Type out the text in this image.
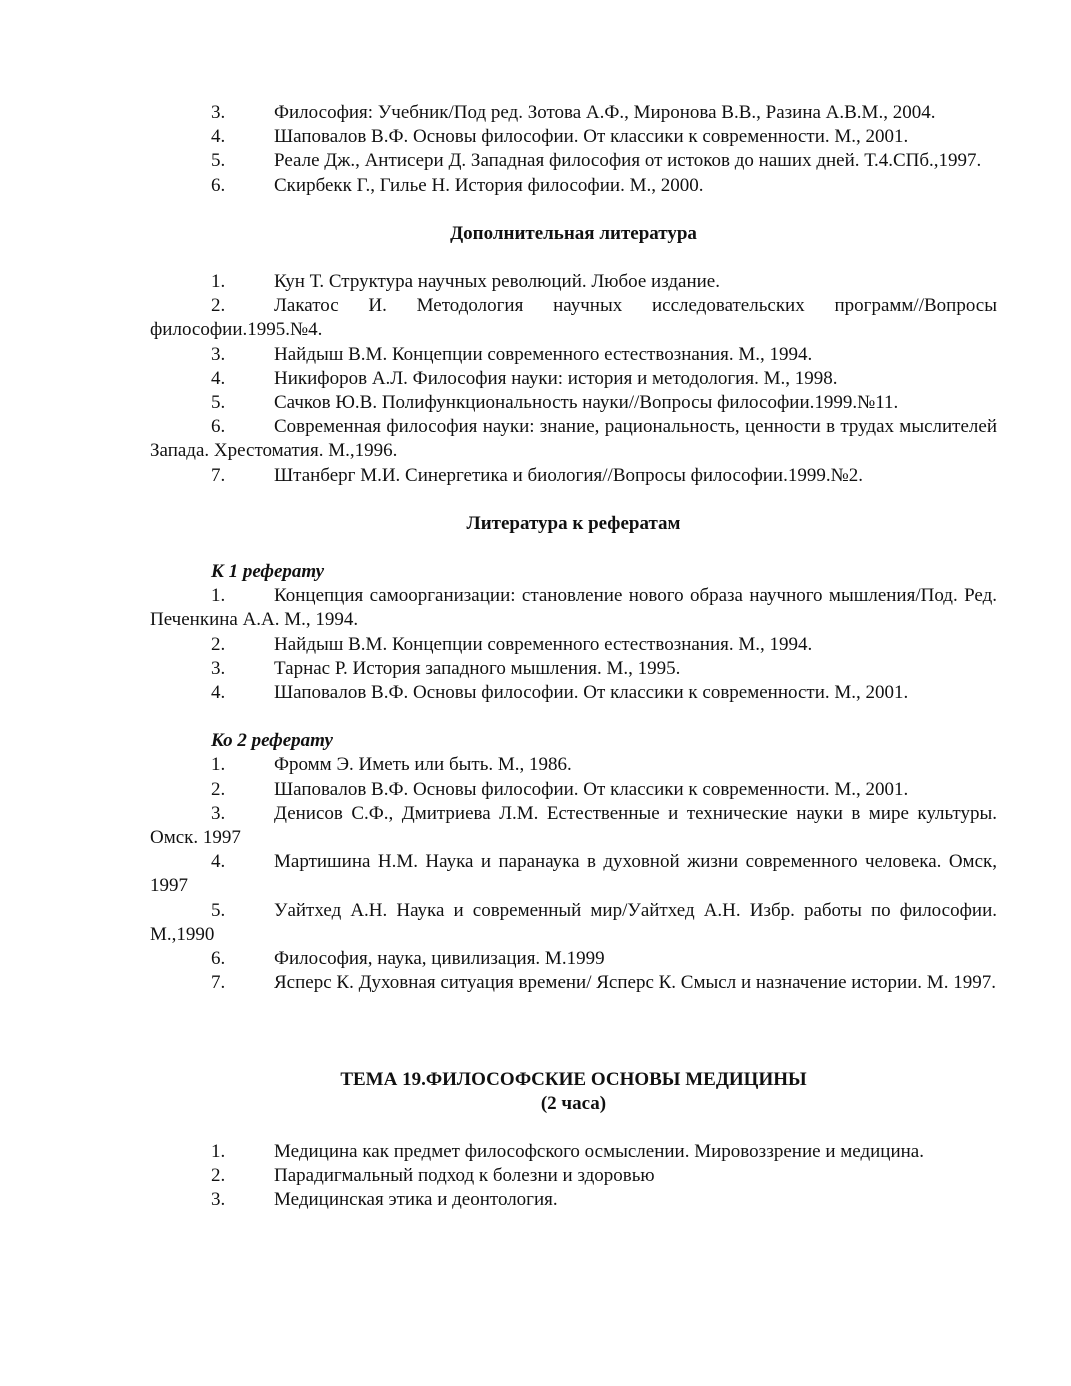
3.	Философия: Учебник/Под ред. Зотова А.Ф., Миронова В.В., Разина А.В.М., 2004.

4.	Шаповалов В.Ф. Основы философии. От классики к современности. М., 2001.

5.	Реале Дж., Антисери Д. Западная философия от истоков до наших дней. Т.4.СПб.,1997.

6.	Скирбекк Г., Гилье Н. История философии. М., 2000.

Дополнительная литература

1.	Кун Т. Структура научных революций. Любое издание.

2.	Лакатос И. Методология научных исследовательских программ//Вопросы философии.1995.№4.

3.	Найдыш В.М. Концепции современного естествознания. М., 1994.

4.	Никифоров А.Л. Философия науки: история и методология. М., 1998.

5.	Сачков Ю.В. Полифункциональность науки//Вопросы философии.1999.№11.

6.	Современная философия науки: знание, рациональность, ценности в трудах мыслителей Запада. Хрестоматия. М.,1996.

7.	Штанберг М.И. Синергетика и биология//Вопросы философии.1999.№2.

Литература к рефератам

К 1 реферату

1.	Концепция самоорганизации: становление нового образа научного мышления/Под. Ред. Печенкина А.А. М., 1994.

2.	Найдыш В.М. Концепции современного естествознания. М., 1994.

3.	Тарнас Р. История западного мышления. М., 1995.

4.	Шаповалов В.Ф. Основы философии. От классики к современности. М., 2001.

Ко 2 реферату

1.	Фромм Э. Иметь или быть. М., 1986.

2.	Шаповалов В.Ф. Основы философии. От классики к современности. М., 2001.

3.	Денисов С.Ф., Дмитриева Л.М. Естественные и технические науки в мире культуры. Омск. 1997

4.	Мартишина Н.М. Наука и паранаука в духовной жизни современного человека. Омск, 1997

5.	Уайтхед А.Н. Наука и современный мир/Уайтхед А.Н. Избр. работы по философии. М.,1990

6.	Философия, наука, цивилизация. М.1999

7.	Ясперс К. Духовная ситуация времени/ Ясперс К. Смысл и назначение истории. М. 1997.

ТЕМА 19.ФИЛОСОФСКИЕ ОСНОВЫ МЕДИЦИНЫ

(2 часа)

1.	Медицина как предмет философского осмыслении. Мировоззрение и медицина.

2.	Парадигмальный подход к болезни и здоровью

3.	Медицинская этика и деонтология.
